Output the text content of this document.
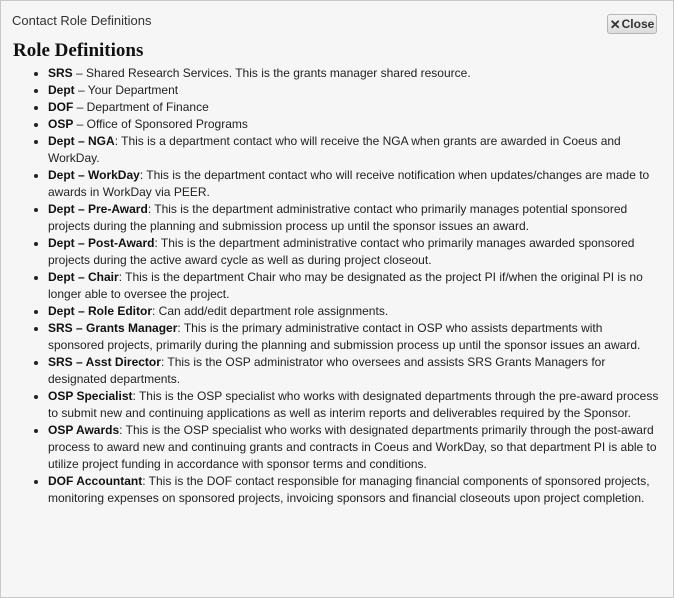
Contact Role Definitions	✕ Close
Role Definitions
• SRS – Shared Research Services. This is the grants manager shared resource.
• Dept – Your Department
• DOF – Department of Finance
• OSP – Office of Sponsored Programs
• Dept – NGA: This is a department contact who will receive the NGA when grants are awarded in Coeus and WorkDay.
• Dept – WorkDay: This is the department contact who will receive notification when updates/changes are made to awards in WorkDay via PEER.
• Dept – Pre-Award: This is the department administrative contact who primarily manages potential sponsored projects during the planning and submission process up until the sponsor issues an award.
• Dept – Post-Award: This is the department administrative contact who primarily manages awarded sponsored projects during the active award cycle as well as during project closeout.
• Dept – Chair: This is the department Chair who may be designated as the project PI if/when the original PI is no longer able to oversee the project.
• Dept – Role Editor: Can add/edit department role assignments.
• SRS – Grants Manager: This is the primary administrative contact in OSP who assists departments with sponsored projects, primarily during the planning and submission process up until the sponsor issues an award.
• SRS – Asst Director: This is the OSP administrator who oversees and assists SRS Grants Managers for designated departments.
• OSP Specialist: This is the OSP specialist who works with designated departments through the pre-award process to submit new and continuing applications as well as interim reports and deliverables required by the Sponsor.
• OSP Awards: This is the OSP specialist who works with designated departments primarily through the post-award process to award new and continuing grants and contracts in Coeus and WorkDay, so that department PI is able to utilize project funding in accordance with sponsor terms and conditions.
• DOF Accountant: This is the DOF contact responsible for managing financial components of sponsored projects, monitoring expenses on sponsored projects, invoicing sponsors and financial closeouts upon project completion.
